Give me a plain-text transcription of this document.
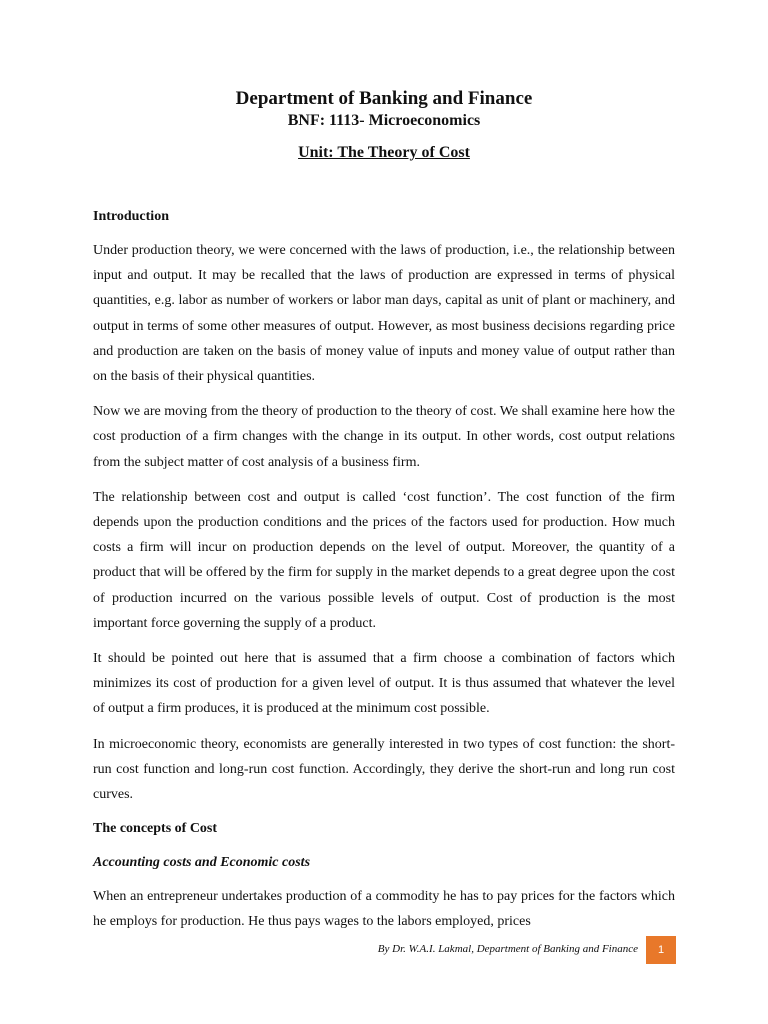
Department of Banking and Finance
BNF: 1113- Microeconomics
Unit: The Theory of Cost

Introduction

Under production theory, we were concerned with the laws of production, i.e., the relationship between input and output. It may be recalled that the laws of production are expressed in terms of physical quantities, e.g. labor as number of workers or labor man days, capital as unit of plant or machinery, and output in terms of some other measures of output. However, as most business decisions regarding price and production are taken on the basis of money value of inputs and money value of output rather than on the basis of their physical quantities.

Now we are moving from the theory of production to the theory of cost. We shall examine here how the cost production of a firm changes with the change in its output. In other words, cost output relations from the subject matter of cost analysis of a business firm.

The relationship between cost and output is called ‘cost function’. The cost function of the firm depends upon the production conditions and the prices of the factors used for production. How much costs a firm will incur on production depends on the level of output. Moreover, the quantity of a product that will be offered by the firm for supply in the market depends to a great degree upon the cost of production incurred on the various possible levels of output. Cost of production is the most important force governing the supply of a product.

It should be pointed out here that is assumed that a firm choose a combination of factors which minimizes its cost of production for a given level of output. It is thus assumed that whatever the level of output a firm produces, it is produced at the minimum cost possible.

In microeconomic theory, economists are generally interested in two types of cost function: the short-run cost function and long-run cost function. Accordingly, they derive the short-run and long run cost curves.

The concepts of Cost

Accounting costs and Economic costs

When an entrepreneur undertakes production of a commodity he has to pay prices for the factors which he employs for production. He thus pays wages to the labors employed, prices

By Dr. W.A.I. Lakmal, Department of Banking and Finance	1
